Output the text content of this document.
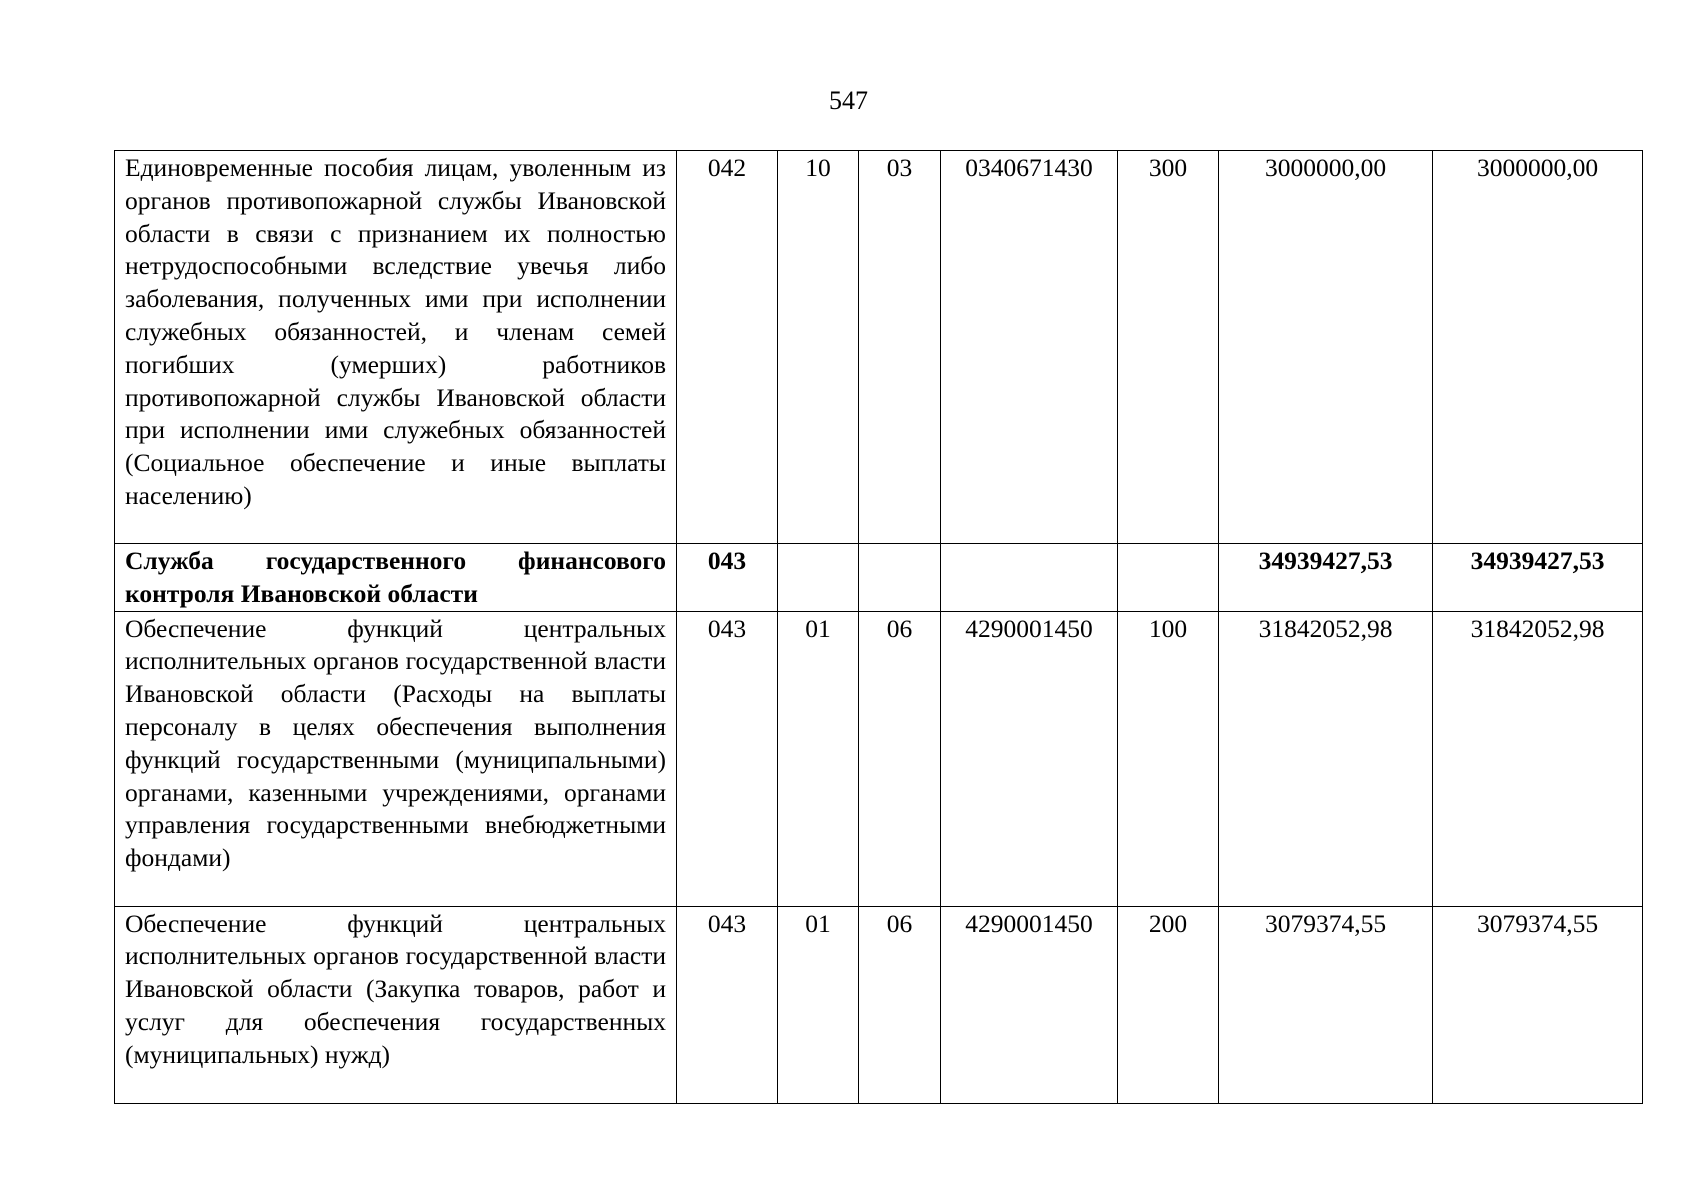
547
Единовременные пособия лицам, уволенным из органов противопожарной службы Ивановской области в связи с признанием их полностью нетрудоспособными вследствие увечья либо заболевания, полученных ими при исполнении служебных обязанностей, и членам семей погибших (умерших) работников противопожарной службы Ивановской области при исполнении ими служебных обязанностей (Социальное обеспечение и иные выплаты населению)	042	10	03	0340671430	300	3000000,00	3000000,00
Служба государственного финансового контроля Ивановской области	043					34939427,53	34939427,53
Обеспечение функций центральных исполнительных органов государственной власти Ивановской области (Расходы на выплаты персоналу в целях обеспечения выполнения функций государственными (муниципальными) органами, казенными учреждениями, органами управления государственными внебюджетными фондами)	043	01	06	4290001450	100	31842052,98	31842052,98
Обеспечение функций центральных исполнительных органов государственной власти Ивановской области (Закупка товаров, работ и услуг для обеспечения государственных (муниципальных) нужд)	043	01	06	4290001450	200	3079374,55	3079374,55
